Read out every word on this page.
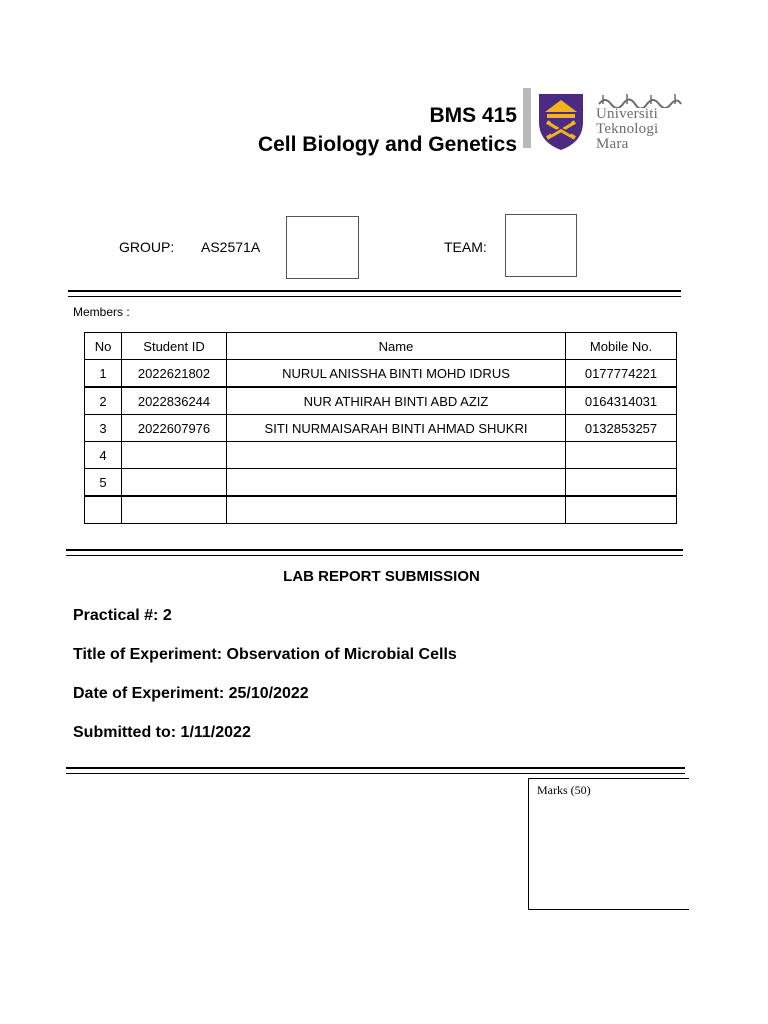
BMS 415
Cell Biology and Genetics
Universiti
Teknologi
Mara
GROUP: AS2571A	TEAM:
Members :
No	Student ID	Name	Mobile No.
1	2022621802	NURUL ANISSHA BINTI MOHD IDRUS	0177774221
2	2022836244	NUR ATHIRAH BINTI ABD AZIZ	0164314031
3	2022607976	SITI NURMAISARAH BINTI AHMAD SHUKRI	0132853257
4			
5			

LAB REPORT SUBMISSION
Practical #: 2
Title of Experiment: Observation of Microbial Cells
Date of Experiment: 25/10/2022
Submitted to: 1/11/2022
Marks (50)
